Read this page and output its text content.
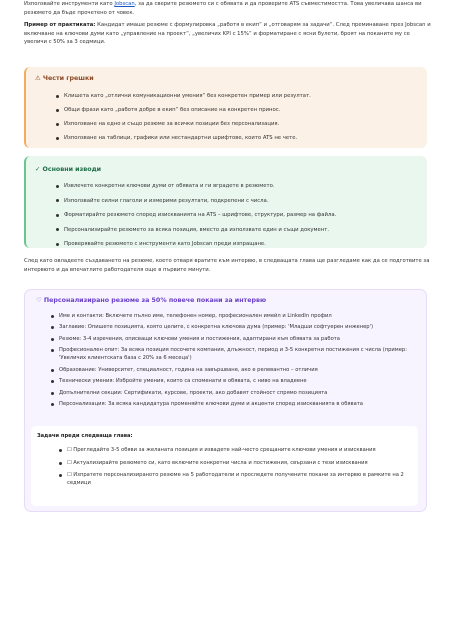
Използвайте инструменти като Jobscan, за да сверите резюмето си с обявата и да проверите ATS съвместимостта. Това увеличава шанса ви резюмето да бъде прочетено от човек.

Пример от практиката: Кандидат имаше резюме с формулировка „работя в екип“ и „отговарям за задачи“. След преминаване през Jobscan и включване на ключови думи като „управление на проект“, „увеличих KPI с 15%“ и форматиране с ясни булети, броят на поканите му се увеличи с 50% за 3 седмици.

⚠ Чести грешки
Клишета като „отлични комуникационни умения“ без конкретен пример или резултат.
Общи фрази като „работя добре в екип“ без описание на конкретен принос.
Използване на едно и също резюме за всички позиции без персонализация.
Използване на таблици, графики или нестандартни шрифтове, които ATS не чете.
✓ Основни изводи
Извлечете конкретни ключови думи от обявата и ги вградете в резюмето.
Използвайте силни глаголи и измерими резултати, подкрепени с числа.
Форматирайте резюмето според изискванията на ATS – шрифтове, структури, размер на файла.
Персонализирайте резюмето за всяка позиция, вместо да използвате един и същи документ.
Проверявайте резюмето с инструменти като Jobscan преди изпращане.

След като овладеете създаването на резюме, което отваря вратите към интервю, в следващата глава ще разгледаме как да се подготвите за интервюто и да впечатлите работодателя още в първите минути.

♡ Персонализирано резюме за 50% повече покани за интервю
Име и контакти: Включете пълно име, телефонен номер, професионален имейл и LinkedIn профил
Заглавие: Опишете позицията, която целите, с конкретна ключова дума (пример: 'Младши софтуерен инженер')
Резюме: 3-4 изречения, описващи ключови умения и постижения, адаптирани към обявата за работа
Професионален опит: За всяка позиция посочете компания, длъжност, период и 3-5 конкретни постижения с числа (пример: 'Увеличих клиентската база с 20% за 6 месеца')
Образование: Университет, специалност, година на завършване, ако е релевантно – отличия
Технически умения: Избройте умения, които са споменати в обявата, с ниво на владеене
Допълнителни секции: Сертификати, курсове, проекти, ако добавят стойност спрямо позицията
Персонализация: За всяка кандидатура променяйте ключови думи и акценти според изискванията в обявата
Задачи преди следваща глава:
☐ Прегледайте 3-5 обяви за желаната позиция и извадете най-често срещаните ключови умения и изисквания
☐ Актуализирайте резюмето си, като включите конкретни числа и постижения, свързани с тези изисквания
☐ Изпратете персонализираното резюме на 5 работодатели и проследете получените покани за интервю в рамките на 2 седмици
